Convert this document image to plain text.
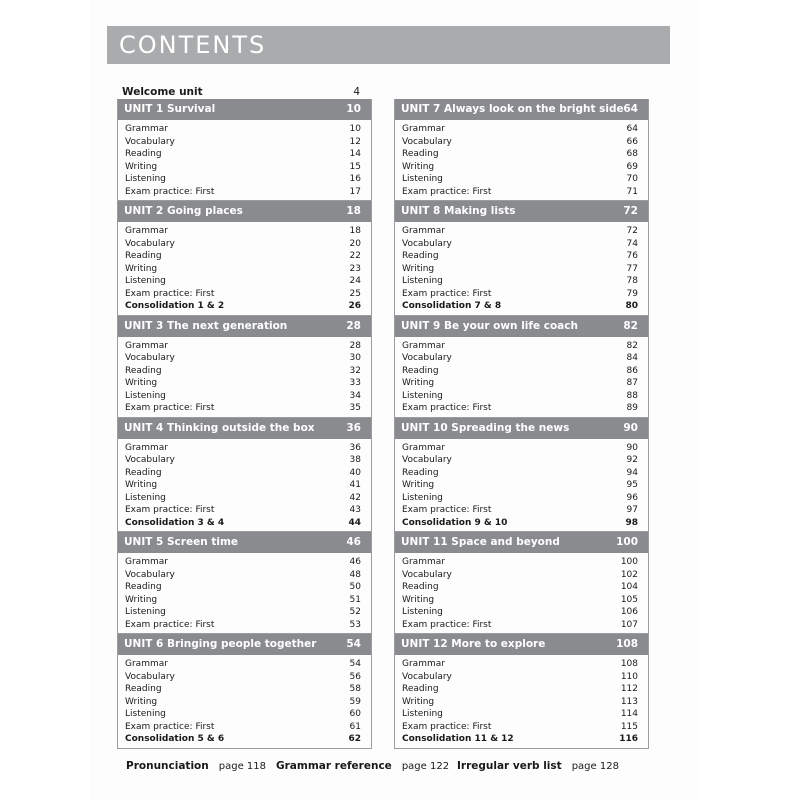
CONTENTS
Welcome unit	4
UNIT 1 Survival	10
Grammar	10
Vocabulary	12
Reading	14
Writing	15
Listening	16
Exam practice: First	17
UNIT 2 Going places	18
Grammar	18
Vocabulary	20
Reading	22
Writing	23
Listening	24
Exam practice: First	25
Consolidation 1 & 2	26
UNIT 3 The next generation	28
Grammar	28
Vocabulary	30
Reading	32
Writing	33
Listening	34
Exam practice: First	35
UNIT 4 Thinking outside the box	36
Grammar	36
Vocabulary	38
Reading	40
Writing	41
Listening	42
Exam practice: First	43
Consolidation 3 & 4	44
UNIT 5 Screen time	46
Grammar	46
Vocabulary	48
Reading	50
Writing	51
Listening	52
Exam practice: First	53
UNIT 6 Bringing people together	54
Grammar	54
Vocabulary	56
Reading	58
Writing	59
Listening	60
Exam practice: First	61
Consolidation 5 & 6	62
UNIT 7 Always look on the bright side 64
Grammar	64
Vocabulary	66
Reading	68
Writing	69
Listening	70
Exam practice: First	71
UNIT 8 Making lists	72
Grammar	72
Vocabulary	74
Reading	76
Writing	77
Listening	78
Exam practice: First	79
Consolidation 7 & 8	80
UNIT 9 Be your own life coach	82
Grammar	82
Vocabulary	84
Reading	86
Writing	87
Listening	88
Exam practice: First	89
UNIT 10 Spreading the news	90
Grammar	90
Vocabulary	92
Reading	94
Writing	95
Listening	96
Exam practice: First	97
Consolidation 9 & 10	98
UNIT 11 Space and beyond	100
Grammar	100
Vocabulary	102
Reading	104
Writing	105
Listening	106
Exam practice: First	107
UNIT 12 More to explore	108
Grammar	108
Vocabulary	110
Reading	112
Writing	113
Listening	114
Exam practice: First	115
Consolidation 11 & 12	116
Pronunciation page 118 Grammar reference page 122 Irregular verb list page 128
